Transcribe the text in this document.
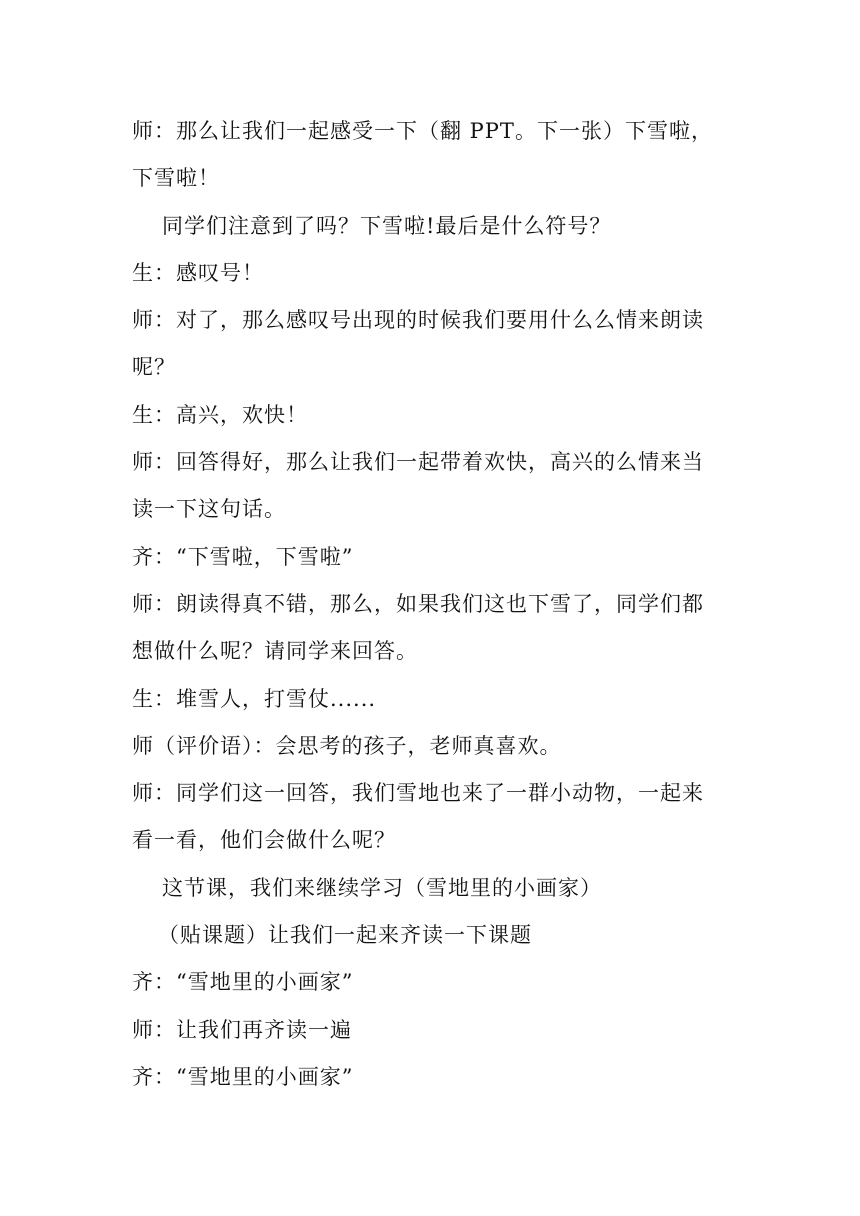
师：那么让我们一起感受一下（翻 PPT。下一张）下雪啦，
下雪啦！
同学们注意到了吗？下雪啦!最后是什么符号？
生：感叹号！
师：对了，那么感叹号出现的时候我们要用什么么情来朗读
呢？
生：高兴，欢快！
师：回答得好，那么让我们一起带着欢快，高兴的么情来当
读一下这句话。
齐：“下雪啦，下雪啦”
师：朗读得真不错，那么，如果我们这也下雪了，同学们都
想做什么呢？请同学来回答。
生：堆雪人，打雪仗......
师（评价语）：会思考的孩子，老师真喜欢。
师：同学们这一回答，我们雪地也来了一群小动物，一起来
看一看，他们会做什么呢？
这节课，我们来继续学习（雪地里的小画家）
（贴课题）让我们一起来齐读一下课题
齐：“雪地里的小画家”
师：让我们再齐读一遍
齐：“雪地里的小画家”
